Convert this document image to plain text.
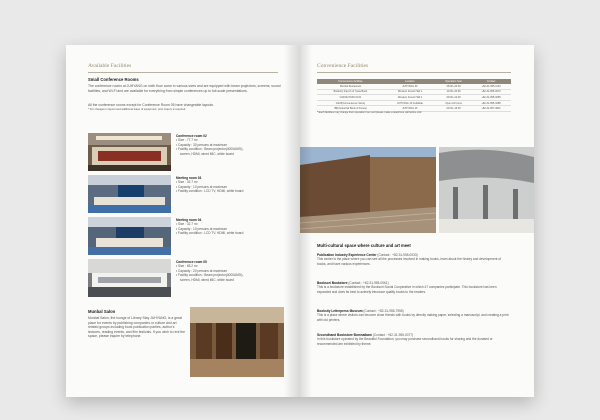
Available Facilities
Small Conference Rooms
The conference rooms at JUHYANG on sixth floor come in various sizes and are equipped with beam projectors, screens, sound facilities, and Wi-Fi and are available for everything from simple conferences up to full-scale presentations.
All the conference rooms except for Conference Room 05 have changeable layouts.
* For changes in layout and additional lease of equipment, prior inquiry is required.
Conference room 02
• Size : 77.7 m²
• Capacity : 30 persons at maximum
• Facility condition : Beam projector(4000ANSI),
screen, HDMI, wired MIC, white board
Meeting room 03
• Size : 32.7 m²
• Capacity : 10 persons at maximum
• Facility condition : LCD TV, HDMI, white board
Meeting room 04
• Size : 32.7 m²
• Capacity : 10 persons at maximum
• Facility condition : LCD TV, HDMI, white board
Conference room 05
• Size : 65.2 m²
• Capacity : 20 persons at maximum
• Facility condition : Beam projector(4000ANSI),
screen, HDMI, wired MIC, white board
Munbal Salon
Munbal Salon, the lounge of Library Stay JUHYANG, is a great place for events by publishing companies or culture and art related groups including book publication parties, author's lectures, reading events, and film festivals. If you wish to rent the space, please inquire by telephone.
Convenience Facilities
Convenience facilities	Location	Operation hour	Contact
Munbal Restaurant	JUHYANG 3F	08:00~20:00	+82-31-955-1133
Booksity branch of Yewa Book	Western Forest Hall 1	10:00~20:00	+82-31-955-0072
CAFFE PASCUCCI	Western Forest Hall 2	09:00~22:00	+82-31-955-0095
GS25(Convenience Store)	JUHYANG 1F buildside	Open 24 hours	+82-31-955-3288
IBK(Industrial Bank of Korea)	JUHYANG 1F	09:30~15:30	+82-31-957-3831
* Each facilities may change their operation hour and please make a telephone call before visit.
Multi-cultural space where culture and art meet
Publication Industry Experience Center (Contact : +82-31-955-0033)
This center is the place where you can see all the processes involved in making books, learn about the history and development of books, and have various experiences.
Booksori Bookstore (Contact : +82-31-955-0061)
This is a bookstore established by the Booksori Social Cooperative in which 47 companies participate. This bookstore has been expanded and does its best to actively introduce quality books to the readers.
Booksity Letterpress Museum (Contact : +82-31-955-7955)
This is a place where visitors can become close friends with books by directly making paper, selecting a manuscript, and creating a print with old printers.
Secondhand Bookstore Bomnalbam (Contact : +82-31-955-0077)
In this bookstore operated by the Beautiful Foundation, you may purchase secondhand books for sharing and the donated or recommended are exhibited by theme.
